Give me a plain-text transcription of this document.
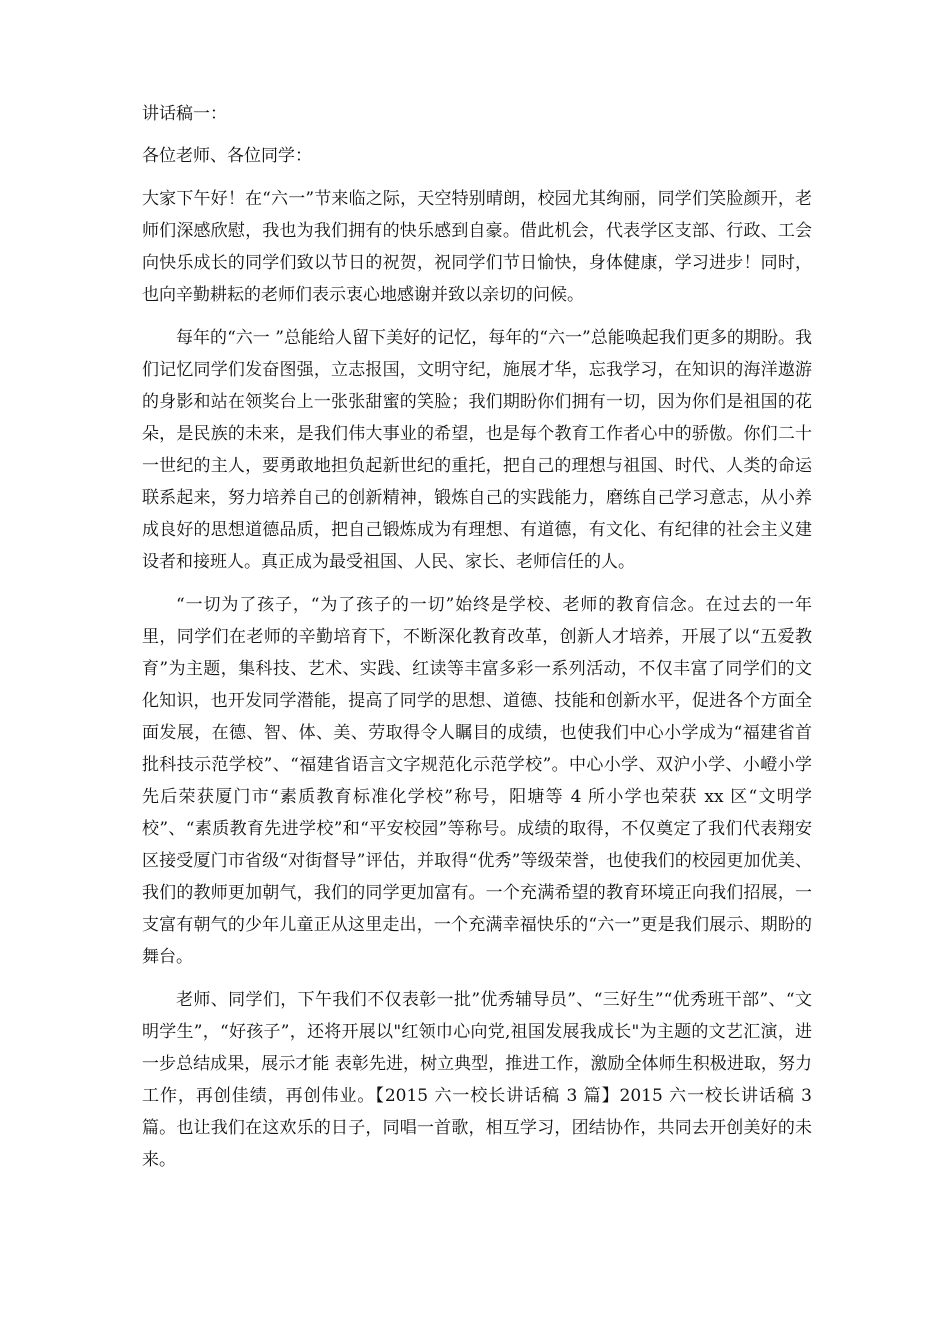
讲话稿一：

各位老师、各位同学：

大家下午好！在“六一”节来临之际，天空特别晴朗，校园尤其绚丽，同学们笑脸颜开，老师们深感欣慰，我也为我们拥有的快乐感到自豪。借此机会，代表学区支部、行政、工会向快乐成长的同学们致以节日的祝贺，祝同学们节日愉快，身体健康，学习进步！同时，也向辛勤耕耘的老师们表示衷心地感谢并致以亲切的问候。

每年的“六一 ”总能给人留下美好的记忆，每年的“六一”总能唤起我们更多的期盼。我们记忆同学们发奋图强，立志报国，文明守纪，施展才华，忘我学习，在知识的海洋遨游的身影和站在领奖台上一张张甜蜜的笑脸；我们期盼你们拥有一切，因为你们是祖国的花朵，是民族的未来，是我们伟大事业的希望，也是每个教育工作者心中的骄傲。你们二十一世纪的主人，要勇敢地担负起新世纪的重托，把自己的理想与祖国、时代、人类的命运联系起来，努力培养自己的创新精神，锻炼自己的实践能力，磨练自己学习意志，从小养成良好的思想道德品质，把自己锻炼成为有理想、有道德，有文化、有纪律的社会主义建设者和接班人。真正成为最受祖国、人民、家长、老师信任的人。

“一切为了孩子，“为了孩子的一切”始终是学校、老师的教育信念。在过去的一年里，同学们在老师的辛勤培育下，不断深化教育改革，创新人才培养，开展了以“五爱教育”为主题，集科技、艺术、实践、红读等丰富多彩一系列活动，不仅丰富了同学们的文化知识，也开发同学潜能，提高了同学的思想、道德、技能和创新水平，促进各个方面全面发展，在德、智、体、美、劳取得令人瞩目的成绩，也使我们中心小学成为“福建省首批科技示范学校”、“福建省语言文字规范化示范学校”。中心小学、双沪小学、小嶝小学先后荣获厦门市“素质教育标准化学校”称号，阳塘等 4 所小学也荣获 xx 区“文明学校”、“素质教育先进学校”和“平安校园”等称号。成绩的取得，不仅奠定了我们代表翔安区接受厦门市省级“对街督导”评估，并取得“优秀”等级荣誉，也使我们的校园更加优美、我们的教师更加朝气，我们的同学更加富有。一个充满希望的教育环境正向我们招展，一支富有朝气的少年儿童正从这里走出，一个充满幸福快乐的“六一”更是我们展示、期盼的舞台。

老师、同学们，下午我们不仅表彰一批”优秀辅导员”、“三好生”“优秀班干部”、“文明学生”，“好孩子”，还将开展以"红领巾心向党,祖国发展我成长"为主题的文艺汇演，进一步总结成果，展示才能 表彰先进，树立典型，推进工作，激励全体师生积极进取，努力工作，再创佳绩，再创伟业。【2015 六一校长讲话稿 3 篇】2015 六一校长讲话稿 3 篇。也让我们在这欢乐的日子，同唱一首歌，相互学习，团结协作，共同去开创美好的未来。
